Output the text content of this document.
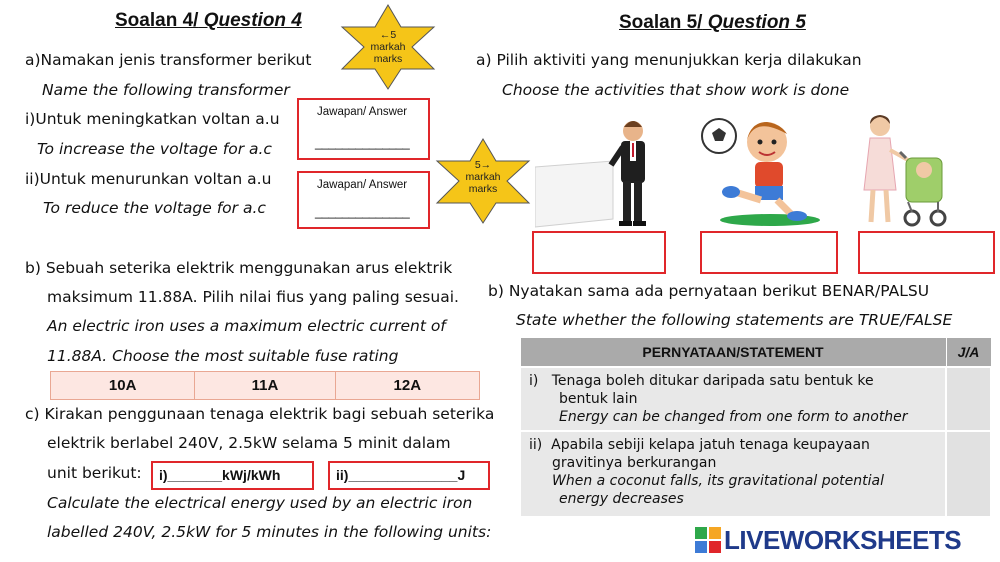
Soalan 4/ Question 4
←5
markah
marks
a)Namakan jenis transformer berikut
Name the following transformer
i)Untuk meningkatkan voltan a.u
To increase the voltage for a.c
ii)Untuk menurunkan voltan a.u
To reduce the voltage for a.c
Jawapan/ Answer
______________
Jawapan/ Answer
______________
5→
markah
marks
b) Sebuah seterika elektrik menggunakan arus elektrik
maksimum 11.88A. Pilih nilai fius yang paling sesuai.
An electric iron uses a maximum electric current of
11.88A. Choose the most suitable fuse rating
10A	11A	12A
c) Kirakan penggunaan tenaga elektrik bagi sebuah seterika
elektrik berlabel 240V, 2.5kW selama 5 minit dalam
unit berikut:	i)_______kWj/kWh	ii)______________J
Calculate the electrical energy used by an electric iron
labelled 240V, 2.5kW for 5 minutes in the following units:
Soalan 5/ Question 5
a) Pilih aktiviti yang menunjukkan kerja dilakukan
Choose the activities that show work is done
b) Nyatakan sama ada pernyataan berikut BENAR/PALSU
State whether the following statements are TRUE/FALSE
PERNYATAAN/STATEMENT	J/A

i) Tenaga boleh ditukar daripada satu bentuk ke
bentuk lain
Energy can be changed from one form to another	

ii) Apabila sebiji kelapa jatuh tenaga keupayaan
gravitinya berkurangan
When a coconut falls, its gravitational potential
energy decreases	

LIVEWORKSHEETS
